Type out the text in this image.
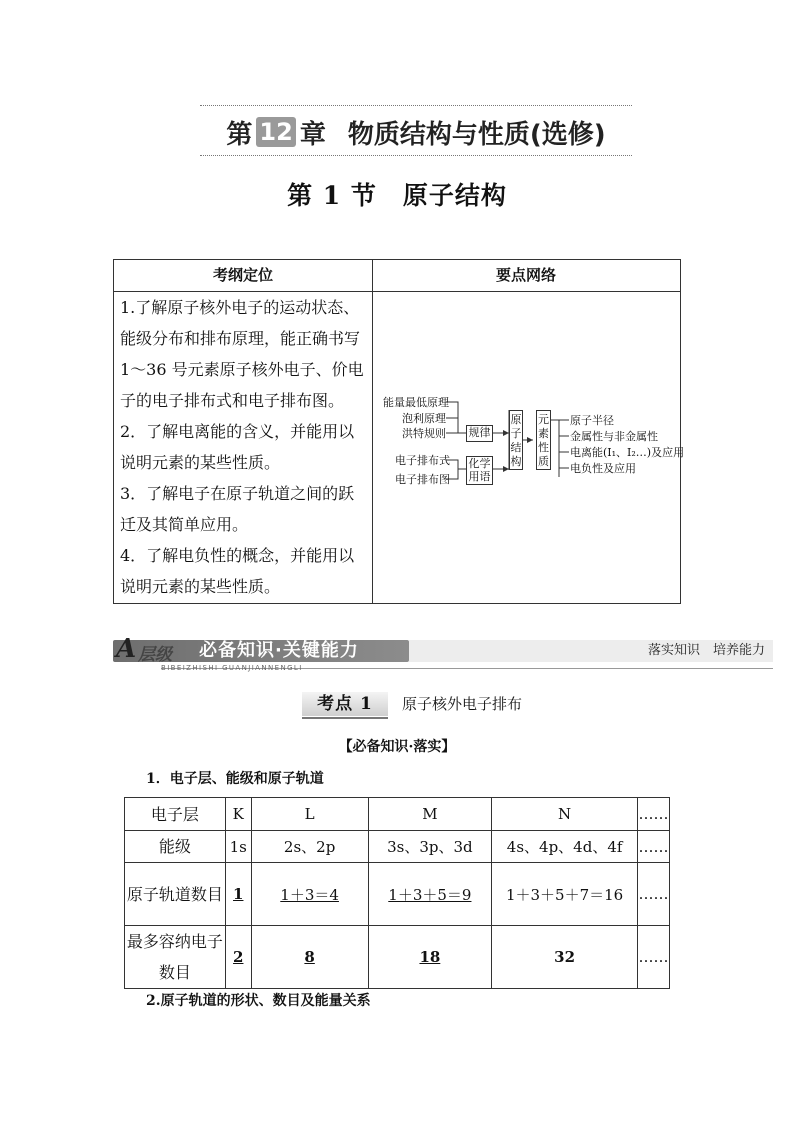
第 12 章 物质结构与性质(选修)
第 1 节　原子结构
考纲定位	要点网络

1.了解原子核外电子的运动状态、能级分布和排布原理，能正确书写1～36 号元素原子核外电子、价电子的电子排布式和电子排布图。

2．了解电离能的含义，并能用以说明元素的某些性质。

3．了解电子在原子轨道之间的跃迁及其简单应用。

4．了解电负性的概念，并能用以说明元素的某些性质。

能量最低原理
泡利原理
洪特规则
电子排布式
电子排布图
规律
化学
用语
原
子
结
构
元
素
性
质
原子半径
金属性与非金属性
电离能(I₁、I₂…)及应用
电负性及应用
A 层级 必备知识·关键能力	落实知识　培养能力
BIBEIZHISHI GUANJIANNENGLI
考点 1	原子核外电子排布
【必备知识·落实】
1．电子层、能级和原子轨道
电子层	K	L	M	N	……
能级	1s	2s、2p	3s、3p、3d	4s、4p、4d、4f	……
原子轨道数目	1	1＋3＝4	1＋3＋5＝9	1＋3＋5＋7＝16	……
最多容纳电子数目	2	8	18	32	……
2.原子轨道的形状、数目及能量关系
